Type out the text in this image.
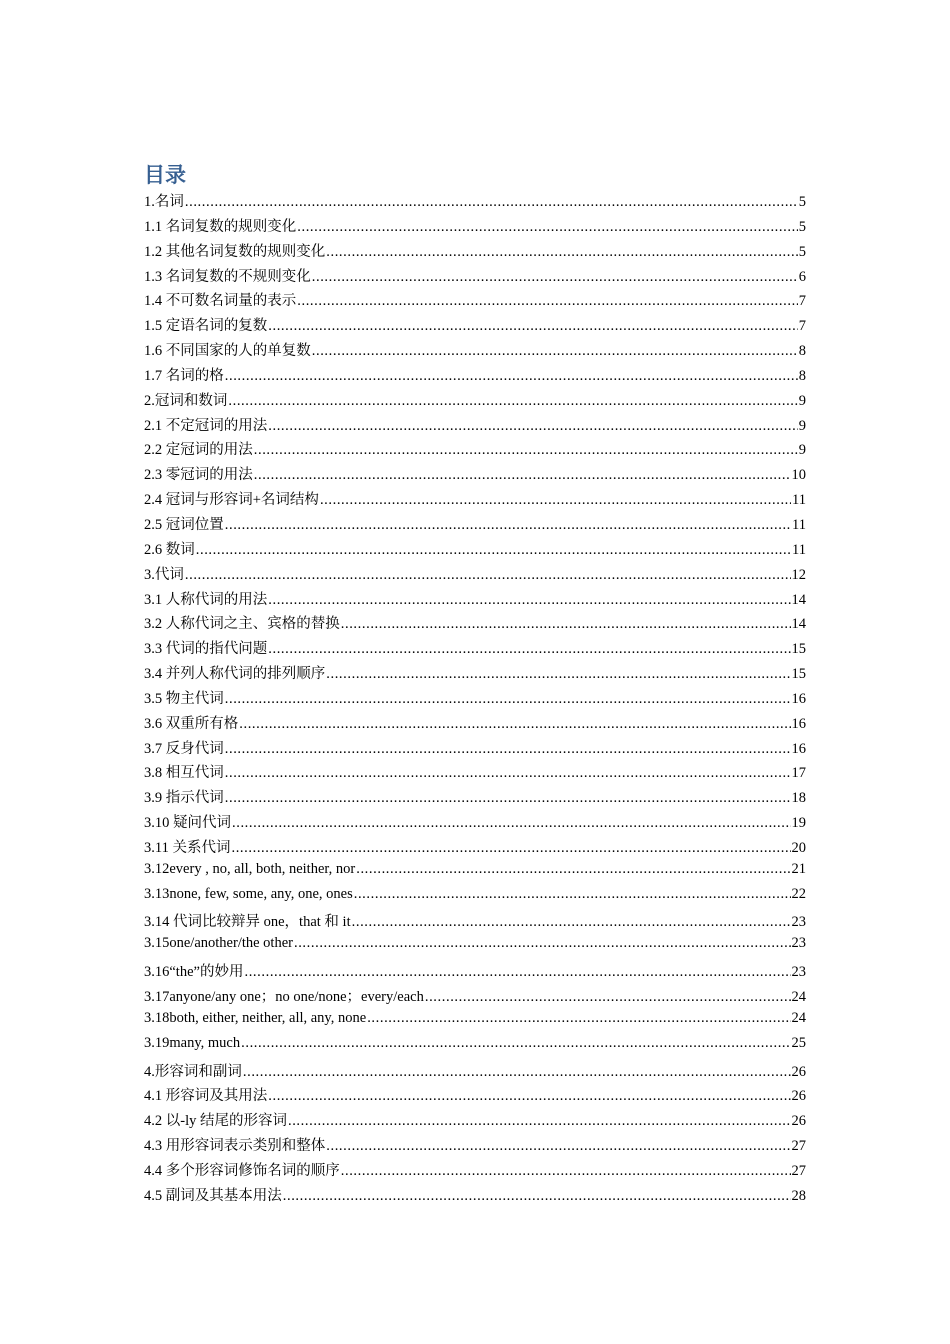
目录
1.名词 .....	5
1.1 名词复数的规则变化 .....	5
1.2 其他名词复数的规则变化 .....	5
1.3 名词复数的不规则变化 .....	6
1.4 不可数名词量的表示 .....	7
1.5 定语名词的复数 .....	7
1.6 不同国家的人的单复数 .....	8
1.7 名词的格 .....	8
2.冠词和数词 .....	9
2.1 不定冠词的用法 .....	9
2.2 定冠词的用法 .....	9
2.3 零冠词的用法 .....	10
2.4 冠词与形容词+名词结构 .....	11
2.5 冠词位置 .....	11
2.6 数词 .....	11
3.代词 .....	12
3.1 人称代词的用法 .....	14
3.2 人称代词之主、宾格的替换 .....	14
3.3 代词的指代问题 .....	15
3.4 并列人称代词的排列顺序 .....	15
3.5 物主代词 .....	16
3.6 双重所有格 .....	16
3.7 反身代词 .....	16
3.8 相互代词 .....	17
3.9 指示代词 .....	18
3.10 疑问代词 .....	19
3.11 关系代词 .....	20
3.12every , no, all, both, neither, nor .....	21
3.13none, few, some, any, one, ones .....	22
3.14 代词比较辩异 one，that 和 it .....	23
3.15one/another/the other .....	23
3.16“the”的妙用 .....	23
3.17anyone/any one；no one/none；every/each .....	24
3.18both, either, neither, all, any, none .....	24
3.19many, much .....	25
4.形容词和副词 .....	26
4.1 形容词及其用法 .....	26
4.2 以-ly 结尾的形容词 .....	26
4.3 用形容词表示类别和整体 .....	27
4.4 多个形容词修饰名词的顺序 .....	27
4.5 副词及其基本用法 .....	28
